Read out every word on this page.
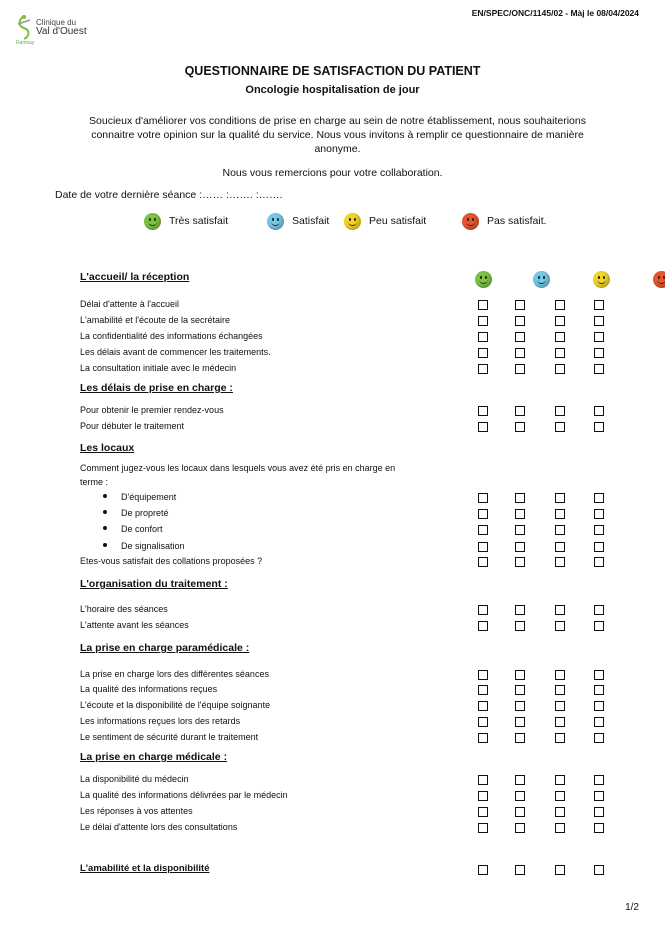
EN/SPEC/ONC/1145/02 - Màj le 08/04/2024
Clinique du
Val d'Ouest
Ramsay
QUESTIONNAIRE DE SATISFACTION DU PATIENT
Oncologie hospitalisation de jour
Soucieux d'améliorer vos conditions de prise en charge au sein de notre établissement, nous souhaiterions connaitre votre opinion sur la qualité du service. Nous vous invitons à remplir ce questionnaire de manière anonyme.
Nous vous remercions pour votre collaboration.
Date de votre dernière séance :…… :……. :…….
Très satisfait	Satisfait	Peu satisfait	Pas satisfait.

L'accueil/ la réception
Délai d'attente à l'accueil
L'amabilité et l'écoute de la secrétaire
La confidentialité des informations échangées
Les délais avant de commencer les traitements.
La consultation initiale avec le médecin
Les délais de prise en charge :
Pour obtenir le premier rendez-vous
Pour débuter le traitement
Les locaux
Comment jugez-vous les locaux dans lesquels vous avez été pris en charge en
terme :
D'équipement
De propreté
De confort
De signalisation
Etes-vous satisfait des collations proposées ?
L'organisation du traitement :
L'horaire des séances
L'attente avant les séances
La prise en charge paramédicale :
La prise en charge lors des différentes séances
La qualité des informations reçues
L'écoute et la disponibilité de l'équipe soignante
Les informations reçues lors des retards
Le sentiment de sécurité durant le traitement
La prise en charge médicale :
La disponibilité du médecin
La qualité des informations délivrées par le médecin
Les réponses à vos attentes
Le délai d'attente lors des consultations
L'amabilité et la disponibilité
1/2
